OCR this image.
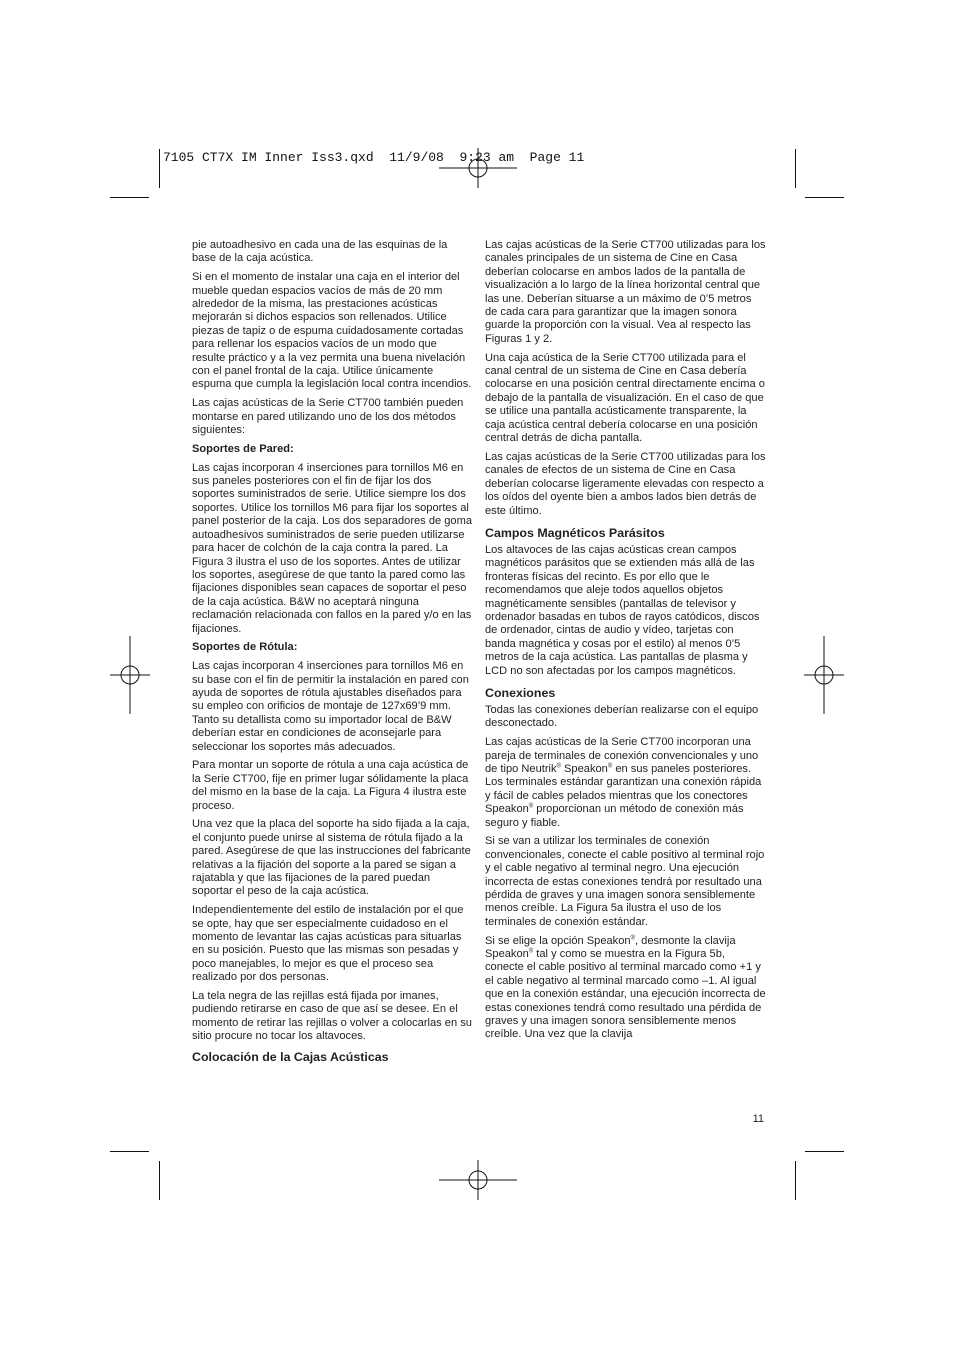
7105 CT7X IM Inner Iss3.qxd  11/9/08  9:23 am  Page 11

pie autoadhesivo en cada una de las esquinas de la base de la caja acústica.

Si en el momento de instalar una caja en el interior del mueble quedan espacios vacíos de más de 20 mm alrededor de la misma, las prestaciones acústicas mejorarán si dichos espacios son rellenados. Utilice piezas de tapiz o de espuma cuidadosamente cortadas para rellenar los espacios vacíos de un modo que resulte práctico y a la vez permita una buena nivelación con el panel frontal de la caja. Utilice únicamente espuma que cumpla la legislación local contra incendios.

Las cajas acústicas de la Serie CT700 también pueden montarse en pared utilizando uno de los dos métodos siguientes:

Soportes de Pared:

Las cajas incorporan 4 inserciones para tornillos M6 en sus paneles posteriores con el fin de fijar los dos soportes suministrados de serie. Utilice siempre los dos soportes. Utilice los tornillos M6 para fijar los soportes al panel posterior de la caja. Los dos separadores de goma autoadhesivos suministrados de serie pueden utilizarse para hacer de colchón de la caja contra la pared. La Figura 3 ilustra el uso de los soportes. Antes de utilizar los soportes, asegúrese de que tanto la pared como las fijaciones disponibles sean capaces de soportar el peso de la caja acústica. B&W no aceptará ninguna reclamación relacionada con fallos en la pared y/o en las fijaciones.

Soportes de Rótula:

Las cajas incorporan 4 inserciones para tornillos M6 en su base con el fin de permitir la instalación en pared con ayuda de soportes de rótula ajustables diseñados para su empleo con orificios de montaje de 127x69’9 mm. Tanto su detallista como su importador local de B&W deberían estar en condiciones de aconsejarle para seleccionar los soportes más adecuados.

Para montar un soporte de rótula a una caja acústica de la Serie CT700, fije en primer lugar sólidamente la placa del mismo en la base de la caja. La Figura 4 ilustra este proceso.

Una vez que la placa del soporte ha sido fijada a la caja, el conjunto puede unirse al sistema de rótula fijado a la pared. Asegúrese de que las instrucciones del fabricante relativas a la fijación del soporte a la pared se sigan a rajatabla y que las fijaciones de la pared puedan soportar el peso de la caja acústica.

Independientemente del estilo de instalación por el que se opte, hay que ser especialmente cuidadoso en el momento de levantar las cajas acústicas para situarlas en su posición. Puesto que las mismas son pesadas y poco manejables, lo mejor es que el proceso sea realizado por dos personas.

La tela negra de las rejillas está fijada por imanes, pudiendo retirarse en caso de que así se desee. En el momento de retirar las rejillas o volver a colocarlas en su sitio procure no tocar los altavoces.

Colocación de la Cajas Acústicas

Las cajas acústicas de la Serie CT700 utilizadas para los canales principales de un sistema de Cine en Casa deberían colocarse en ambos lados de la pantalla de visualización a lo largo de la línea horizontal central que las une. Deberían situarse a un máximo de 0’5 metros de cada cara para garantizar que la imagen sonora guarde la proporción con la visual. Vea al respecto las Figuras 1 y 2.

Una caja acústica de la Serie CT700 utilizada para el canal central de un sistema de Cine en Casa debería colocarse en una posición central directamente encima o debajo de la pantalla de visualización. En el caso de que se utilice una pantalla acústicamente transparente, la caja acústica central debería colocarse en una posición central detrás de dicha pantalla.

Las cajas acústicas de la Serie CT700 utilizadas para los canales de efectos de un sistema de Cine en Casa deberían colocarse ligeramente elevadas con respecto a los oídos del oyente bien a ambos lados bien detrás de este último.

Campos Magnéticos Parásitos

Los altavoces de las cajas acústicas crean campos magnéticos parásitos que se extienden más allá de las fronteras físicas del recinto. Es por ello que le recomendamos que aleje todos aquellos objetos magnéticamente sensibles (pantallas de televisor y ordenador basadas en tubos de rayos catódicos, discos de ordenador, cintas de audio y vídeo, tarjetas con banda magnética y cosas por el estilo) al menos 0’5 metros de la caja acústica. Las pantallas de plasma y LCD no son afectadas por los campos magnéticos.

Conexiones

Todas las conexiones deberían realizarse con el equipo desconectado.

Las cajas acústicas de la Serie CT700 incorporan una pareja de terminales de conexión convencionales y uno de tipo Neutrik® Speakon® en sus paneles posteriores. Los terminales estándar garantizan una conexión rápida y fácil de cables pelados mientras que los conectores Speakon® proporcionan un método de conexión más seguro y fiable.

Si se van a utilizar los terminales de conexión convencionales, conecte el cable positivo al terminal rojo y el cable negativo al terminal negro. Una ejecución incorrecta de estas conexiones tendrá por resultado una pérdida de graves y una imagen sonora sensiblemente menos creíble. La Figura 5a ilustra el uso de los terminales de conexión estándar.

Si se elige la opción Speakon®, desmonte la clavija Speakon® tal y como se muestra en la Figura 5b, conecte el cable positivo al terminal marcado como +1 y el cable negativo al terminal marcado como –1. Al igual que en la conexión estándar, una ejecución incorrecta de estas conexiones tendrá como resultado una pérdida de graves y una imagen sonora sensiblemente menos creíble. Una vez que la clavija

11
